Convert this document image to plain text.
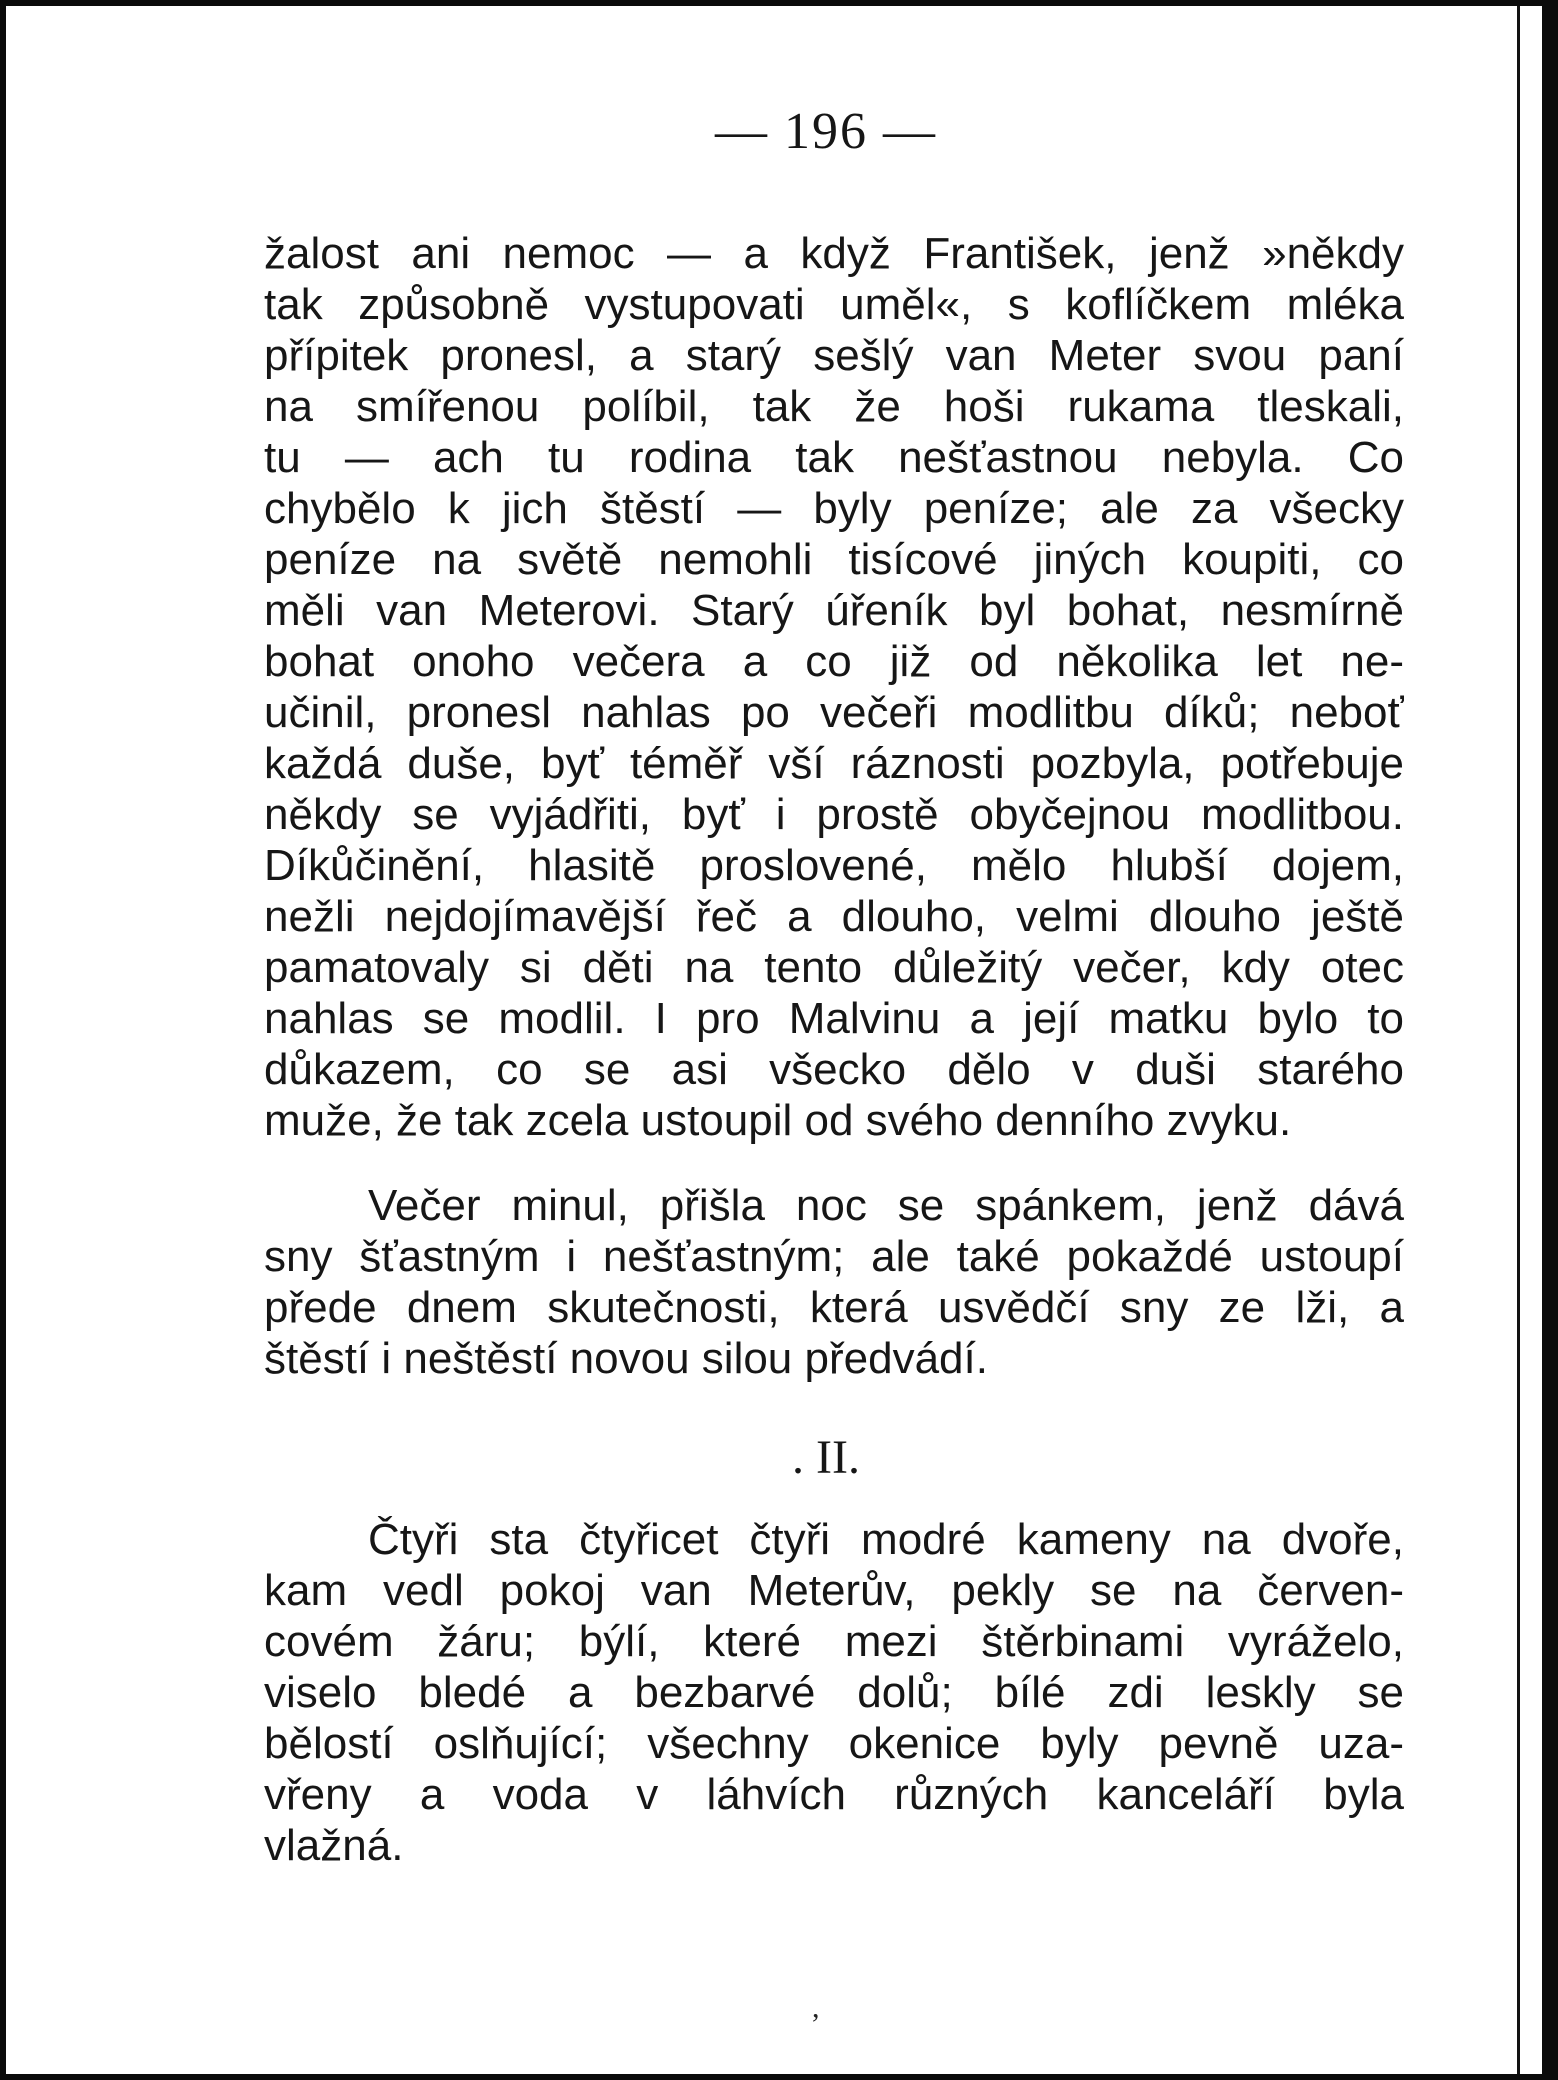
— 196 —
žalost ani nemoc — a když František, jenž »někdy
tak způsobně vystupovati uměl«, s koflíčkem mléka
přípitek pronesl, a starý sešlý van Meter svou paní
na smířenou políbil, tak že hoši rukama tleskali,
tu — ach tu rodina tak nešťastnou nebyla. Co
chybělo k jich štěstí — byly peníze; ale za všecky
peníze na světě nemohli tisícové jiných koupiti, co
měli van Meterovi. Starý úřeník byl bohat, nesmírně
bohat onoho večera a co již od několika let ne-
učinil, pronesl nahlas po večeři modlitbu díků; neboť
každá duše, byť téměř vší ráznosti pozbyla, potřebuje
někdy se vyjádřiti, byť i prostě obyčejnou modlitbou.
Díkůčinění, hlasitě proslovené, mělo hlubší dojem,
nežli nejdojímavější řeč a dlouho, velmi dlouho ještě
pamatovaly si děti na tento důležitý večer, kdy otec
nahlas se modlil. I pro Malvinu a její matku bylo to
důkazem, co se asi všecko dělo v duši starého
muže, že tak zcela ustoupil od svého denního zvyku.
Večer minul, přišla noc se spánkem, jenž dává
sny šťastným i nešťastným; ale také pokaždé ustoupí
přede dnem skutečnosti, která usvědčí sny ze lži, a
štěstí i neštěstí novou silou předvádí.
. II.
Čtyři sta čtyřicet čtyři modré kameny na dvoře,
kam vedl pokoj van Meterův, pekly se na červen-
covém žáru; býlí, které mezi štěrbinami vyráželo,
viselo bledé a bezbarvé dolů; bílé zdi leskly se
bělostí oslňující; všechny okenice byly pevně uza-
vřeny a voda v láhvích různých kanceláří byla
vlažná.
,
